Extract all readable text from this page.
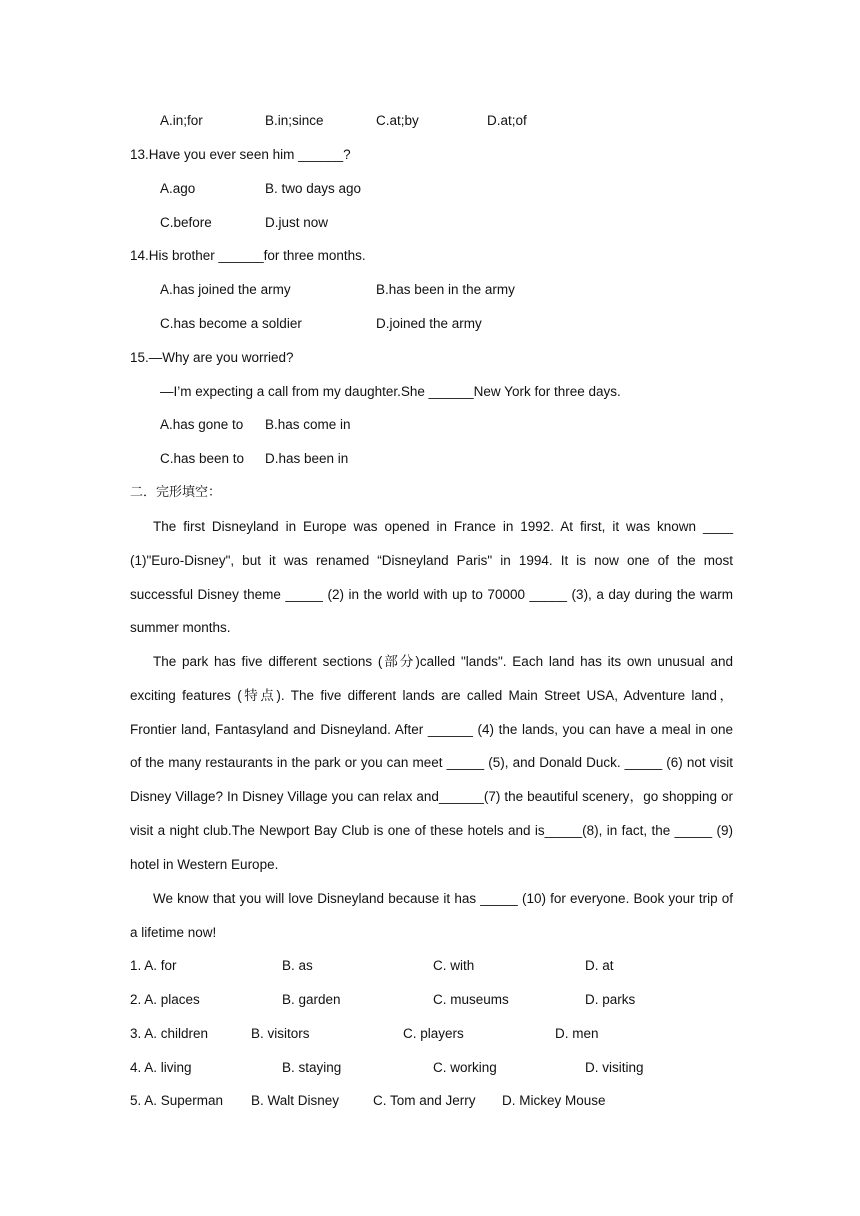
A.in;for	B.in;since	C.at;by	D.at;of
13.Have you ever seen him ______?
A.ago	B. two days ago
C.before	D.just now
14.His brother ______for three months.
A.has joined the army	B.has been in the army
C.has become a soldier	D.joined the army
15.—Why are you worried?
—I’m expecting a call from my daughter.She ______New York for three days.
A.has gone to B.has come in
C.has been to D.has been in
二．完形填空：
The first Disneyland in Europe was opened in France in 1992. At first, it was known ____ (1)"Euro-Disney", but it was renamed “Disneyland Paris" in 1994. It is now one of the most successful Disney theme _____ (2) in the world with up to 70000 _____ (3), a day during the warm summer months.
The park has five different sections (部分)called "lands". Each land has its own unusual and exciting features (特点). The five different lands are called Main Street USA, Adventure land，Frontier land, Fantasyland and Disneyland. After ______ (4) the lands, you can have a meal in one of the many restaurants in the park or you can meet _____ (5), and Donald Duck. _____ (6) not visit Disney Village? In Disney Village you can relax and______(7) the beautiful scenery，go shopping or visit a night club.The Newport Bay Club is one of these hotels and is_____(8), in fact, the _____ (9) hotel in Western Europe.
We know that you will love Disneyland because it has _____ (10) for everyone. Book your trip of a lifetime now!
1. A. for	B. as	C. with	D. at
2. A. places	B. garden	C. museums	D. parks
3. A. children	B. visitors	C. players	D. men
4. A. living	B. staying	C. working	D. visiting
5. A. Superman B. Walt Disney	C. Tom and Jerry D. Mickey Mouse
